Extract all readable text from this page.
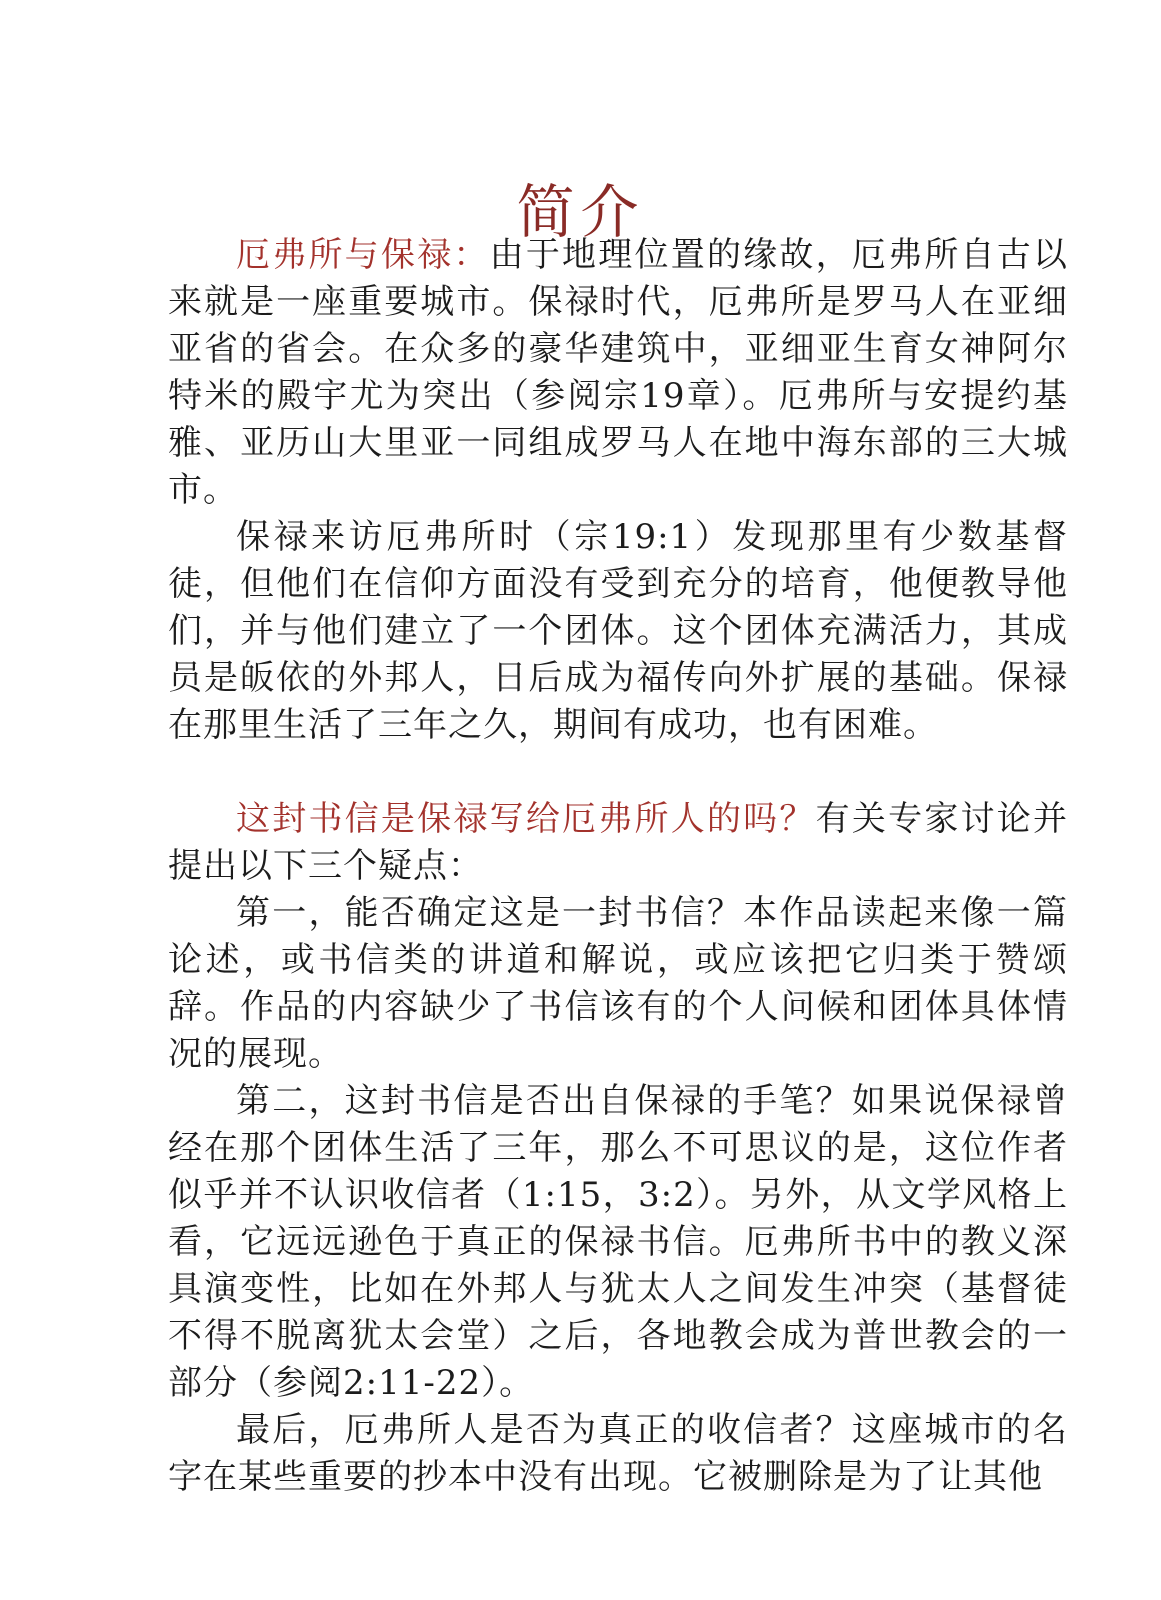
简介

厄弗所与保禄：由于地理位置的缘故，厄弗所自古以来就是一座重要城市。保禄时代，厄弗所是罗马人在亚细亚省的省会。在众多的豪华建筑中，亚细亚生育女神阿尔特米的殿宇尤为突出（参阅宗19章）。厄弗所与安提约基雅、亚历山大里亚一同组成罗马人在地中海东部的三大城市。

保禄来访厄弗所时（宗19:1）发现那里有少数基督徒，但他们在信仰方面没有受到充分的培育，他便教导他们，并与他们建立了一个团体。这个团体充满活力，其成员是皈依的外邦人，日后成为福传向外扩展的基础。保禄在那里生活了三年之久，期间有成功，也有困难。

这封书信是保禄写给厄弗所人的吗？有关专家讨论并提出以下三个疑点：

第一，能否确定这是一封书信？本作品读起来像一篇论述，或书信类的讲道和解说，或应该把它归类于赞颂辞。作品的内容缺少了书信该有的个人问候和团体具体情况的展现。

第二，这封书信是否出自保禄的手笔？如果说保禄曾经在那个团体生活了三年，那么不可思议的是，这位作者似乎并不认识收信者（1:15，3:2）。另外，从文学风格上看，它远远逊色于真正的保禄书信。厄弗所书中的教义深具演变性，比如在外邦人与犹太人之间发生冲突（基督徒不得不脱离犹太会堂）之后，各地教会成为普世教会的一部分（参阅2:11-22）。

最后，厄弗所人是否为真正的收信者？这座城市的名字在某些重要的抄本中没有出现。它被删除是为了让其他
